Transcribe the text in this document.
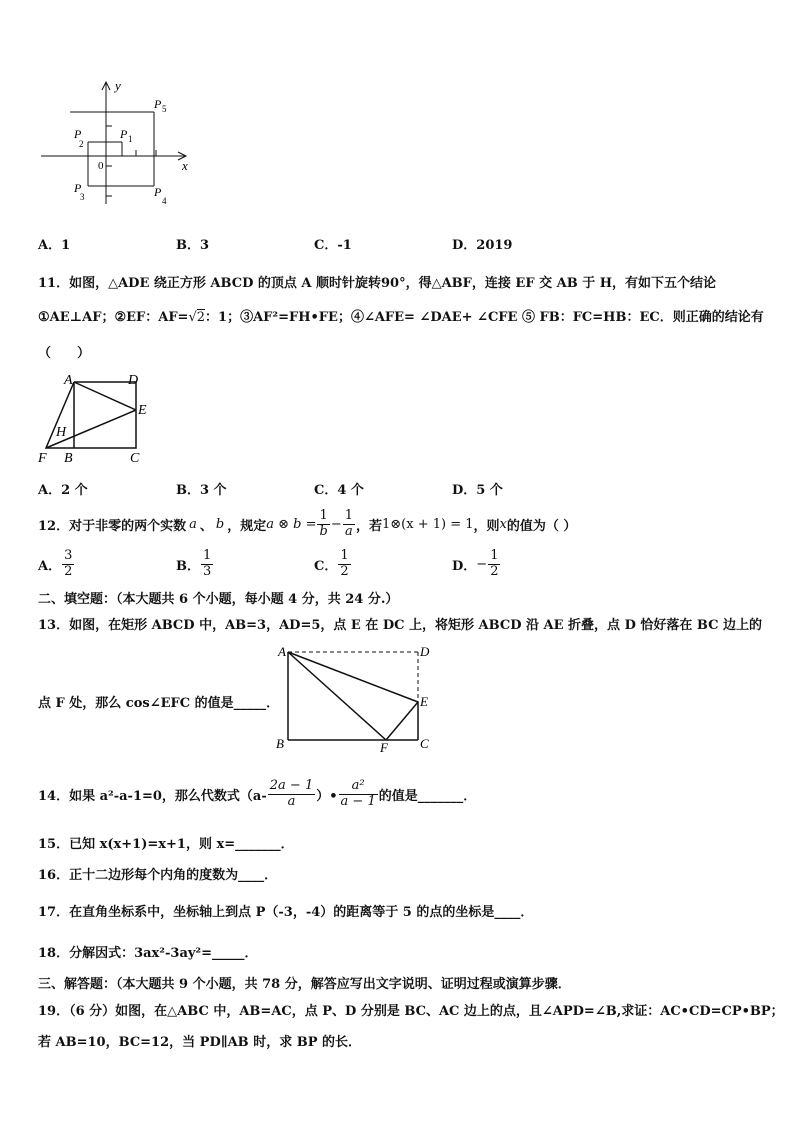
y
x
0
P 5
P 1
P
2
P
3	P
4
A．1	B．3	C．-1	D．2019
11．如图，△ADE 绕正方形 ABCD 的顶点 A 顺时针旋转90°，得△ABF，连接 EF 交 AB 于 H，有如下五个结论
①AE⊥AF；②EF：AF=√2：1；③AF²=FH•FE；④∠AFE= ∠DAE+ ∠CFE ⑤ FB：FC=HB：EC．则正确的结论有
（　　）
A	D
E
H
F B	C
A．2 个	B．3 个	C．4 个	D．5 个
12．对于非零的两个实数 a 、 b ，规定 a ⊗ $b = \frac{1}{b} - \frac{1}{a}$ ，若 1⊗(x + 1) = 1 ，则 x 的值为（ ）
A． $\frac{3}{2}$	B． $\frac{1}{3}$	C． $\frac{1}{2}$	D． − $\frac{1}{2}$
二、填空题：（本大题共 6 个小题，每小题 4 分，共 24 分.）
13．如图，在矩形 ABCD 中，AB=3，AD=5，点 E 在 DC 上，将矩形 ABCD 沿 AE 折叠，点 D 恰好落在 BC 边上的
A	D
E
B	F C
点 F 处，那么 cos∠EFC 的值是_____．
14．如果 a²-a-1=0，那么代数式（$a- \frac{2a - 1}{a}$ ）• $\frac{\text{a²}}{a - 1}$ 的值是_______．
15．已知 x(x+1)=x+1，则 x=_______．
16．正十二边形每个内角的度数为____．
17．在直角坐标系中，坐标轴上到点 P（-3，-4）的距离等于 5 的点的坐标是____．
18．分解因式：3ax²-3ay²=_____．
三、解答题：（本大题共 9 个小题，共 78 分，解答应写出文字说明、证明过程或演算步骤．
19．（6 分）如图，在△ABC 中，AB=AC，点 P、D 分别是 BC、AC 边上的点，且∠APD=∠B,求证：AC•CD=CP•BP；
若 AB=10，BC=12，当 PD∥AB 时，求 BP 的长．
